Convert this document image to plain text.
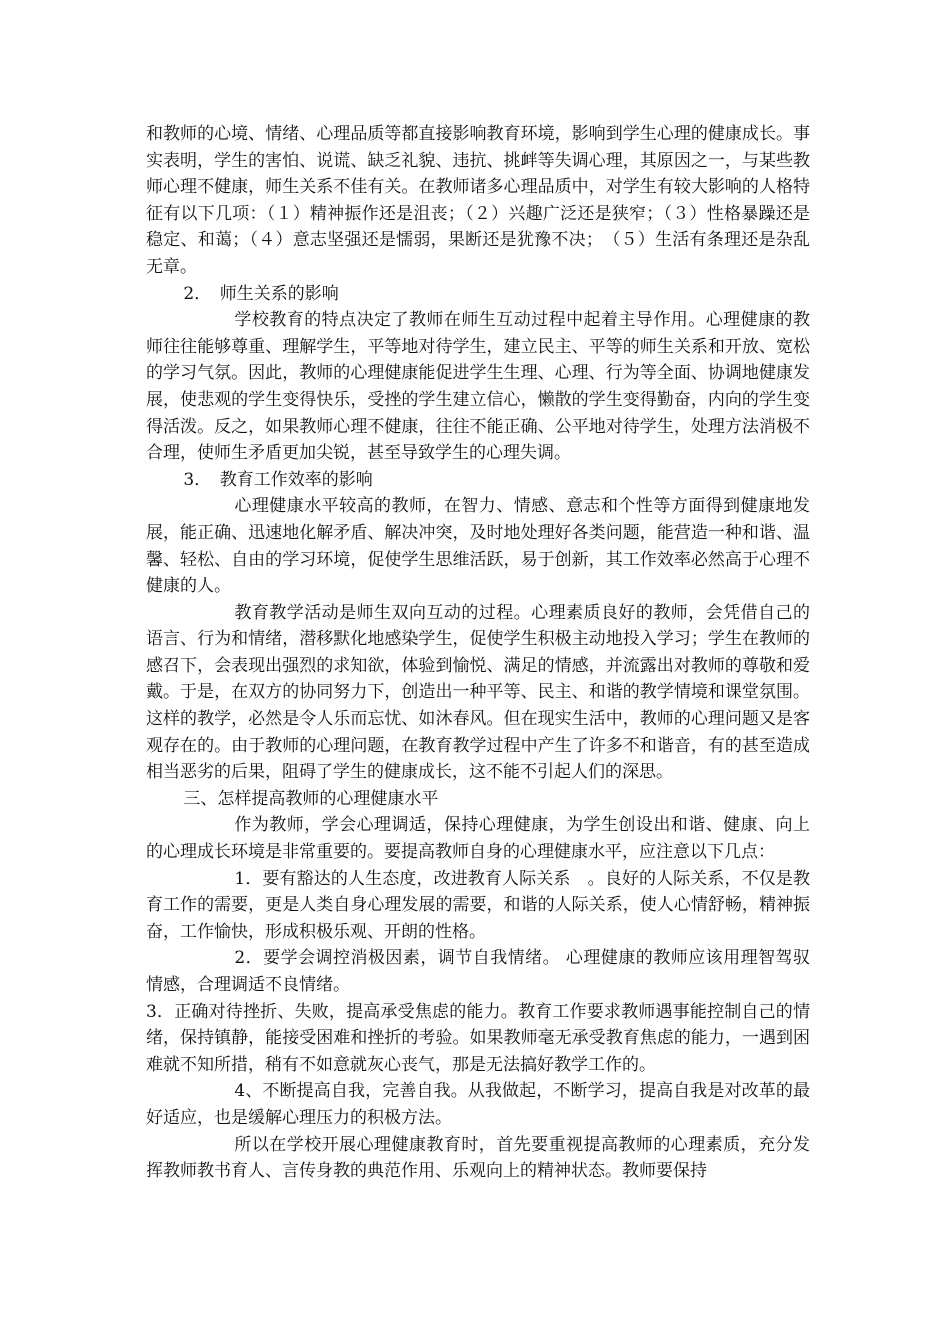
和教师的心境、情绪、心理品质等都直接影响教育环境，影响到学生心理的健康成长。事实表明，学生的害怕、说谎、缺乏礼貌、违抗、挑衅等失调心理，其原因之一，与某些教师心理不健康，师生关系不佳有关。在教师诸多心理品质中，对学生有较大影响的人格特征有以下几项：（１）精神振作还是沮丧；（２）兴趣广泛还是狭窄；（３）性格暴躁还是稳定、和蔼；（４）意志坚强还是懦弱，果断还是犹豫不决；　（５）生活有条理还是杂乱无章。

2．　师生关系的影响

学校教育的特点决定了教师在师生互动过程中起着主导作用。心理健康的教师往往能够尊重、理解学生，平等地对待学生，建立民主、平等的师生关系和开放、宽松的学习气氛。因此，教师的心理健康能促进学生生理、心理、行为等全面、协调地健康发展，使悲观的学生变得快乐，受挫的学生建立信心，懒散的学生变得勤奋，内向的学生变得活泼。反之，如果教师心理不健康，往往不能正确、公平地对待学生，处理方法消极不合理，使师生矛盾更加尖锐，甚至导致学生的心理失调。

3．　教育工作效率的影响

心理健康水平较高的教师，在智力、情感、意志和个性等方面得到健康地发展，能正确、迅速地化解矛盾、解决冲突，及时地处理好各类问题，能营造一种和谐、温馨、轻松、自由的学习环境，促使学生思维活跃，易于创新，其工作效率必然高于心理不健康的人。

教育教学活动是师生双向互动的过程。心理素质良好的教师，会凭借自己的语言、行为和情绪，潜移默化地感染学生，促使学生积极主动地投入学习；学生在教师的感召下，会表现出强烈的求知欲，体验到愉悦、满足的情感，并流露出对教师的尊敬和爱戴。于是，在双方的协同努力下，创造出一种平等、民主、和谐的教学情境和课堂氛围。这样的教学，必然是令人乐而忘忧、如沐春风。但在现实生活中，教师的心理问题又是客观存在的。由于教师的心理问题，在教育教学过程中产生了许多不和谐音，有的甚至造成相当恶劣的后果，阻碍了学生的健康成长，这不能不引起人们的深思。

三、怎样提高教师的心理健康水平

作为教师，学会心理调适，保持心理健康，为学生创设出和谐、健康、向上的心理成长环境是非常重要的。要提高教师自身的心理健康水平，应注意以下几点：

1．要有豁达的人生态度，改进教育人际关系　。良好的人际关系，不仅是教育工作的需要，更是人类自身心理发展的需要，和谐的人际关系，使人心情舒畅，精神振奋，工作愉快，形成积极乐观、开朗的性格。

2．要学会调控消极因素，调节自我情绪。 心理健康的教师应该用理智驾驭情感，合理调适不良情绪。

3．正确对待挫折、失败，提高承受焦虑的能力。教育工作要求教师遇事能控制自己的情绪，保持镇静，能接受困难和挫折的考验。如果教师毫无承受教育焦虑的能力，一遇到困难就不知所措，稍有不如意就灰心丧气，那是无法搞好教学工作的。

4、不断提高自我，完善自我。从我做起，不断学习，提高自我是对改革的最好适应，也是缓解心理压力的积极方法。

所以在学校开展心理健康教育时，首先要重视提高教师的心理素质，充分发挥教师教书育人、言传身教的典范作用、乐观向上的精神状态。教师要保持
